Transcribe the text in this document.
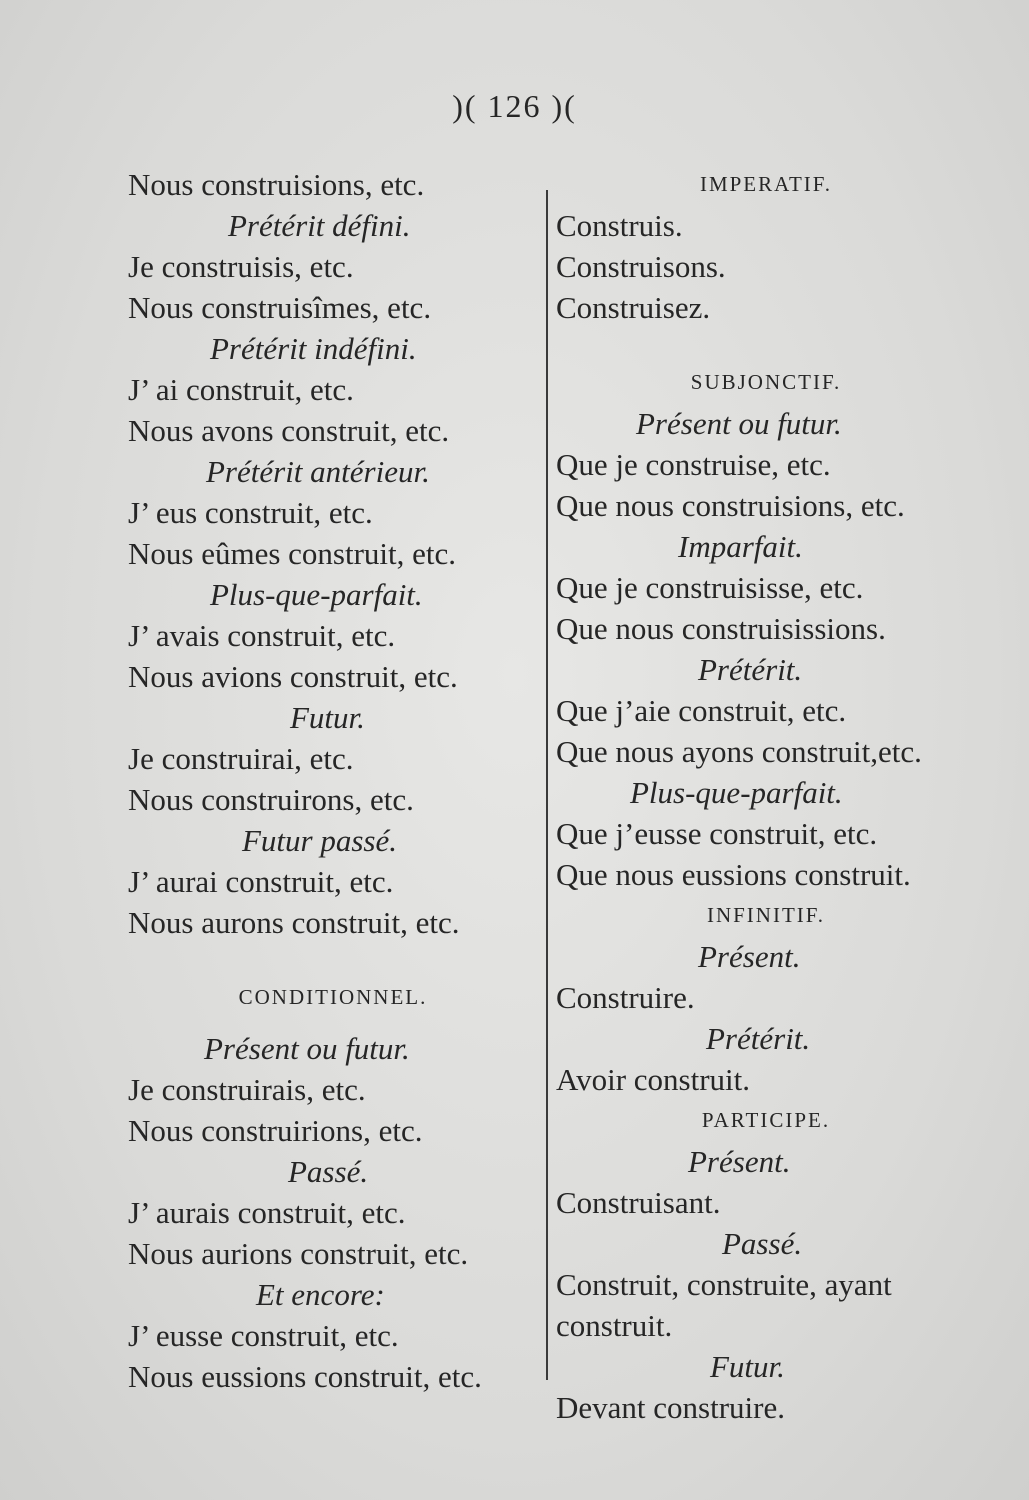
)( 126 )(
Nous construisions, etc.
Prétérit défini.
Je construisis, etc.
Nous construisîmes, etc.
Prétérit indéfini.
J’ ai construit, etc.
Nous avons construit, etc.
Prétérit antérieur.
J’ eus construit, etc.
Nous eûmes construit, etc.
Plus-que-parfait.
J’ avais construit, etc.
Nous avions construit, etc.
Futur.
Je construirai, etc.
Nous construirons, etc.
Futur passé.
J’ aurai construit, etc.
Nous aurons construit, etc.
CONDITIONNEL.
Présent ou futur.
Je construirais, etc.
Nous construirions, etc.
Passé.
J’ aurais construit, etc.
Nous aurions construit, etc.
Et encore:
J’ eusse construit, etc.
Nous eussions construit, etc.
IMPERATIF.
Construis.
Construisons.
Construisez.
SUBJONCTIF.
Présent ou futur.
Que je construise, etc.
Que nous construisions, etc.
Imparfait.
Que je construisisse, etc.
Que nous construisissions.
Prétérit.
Que j’aie construit, etc.
Que nous ayons construit,etc.
Plus-que-parfait.
Que j’eusse construit, etc.
Que nous eussions construit.
INFINITIF.
Présent.
Construire.
Prétérit.
Avoir construit.
PARTICIPE.
Présent.
Construisant.
Passé.
Construit, construite, ayant
construit.
Futur.
Devant construire.
